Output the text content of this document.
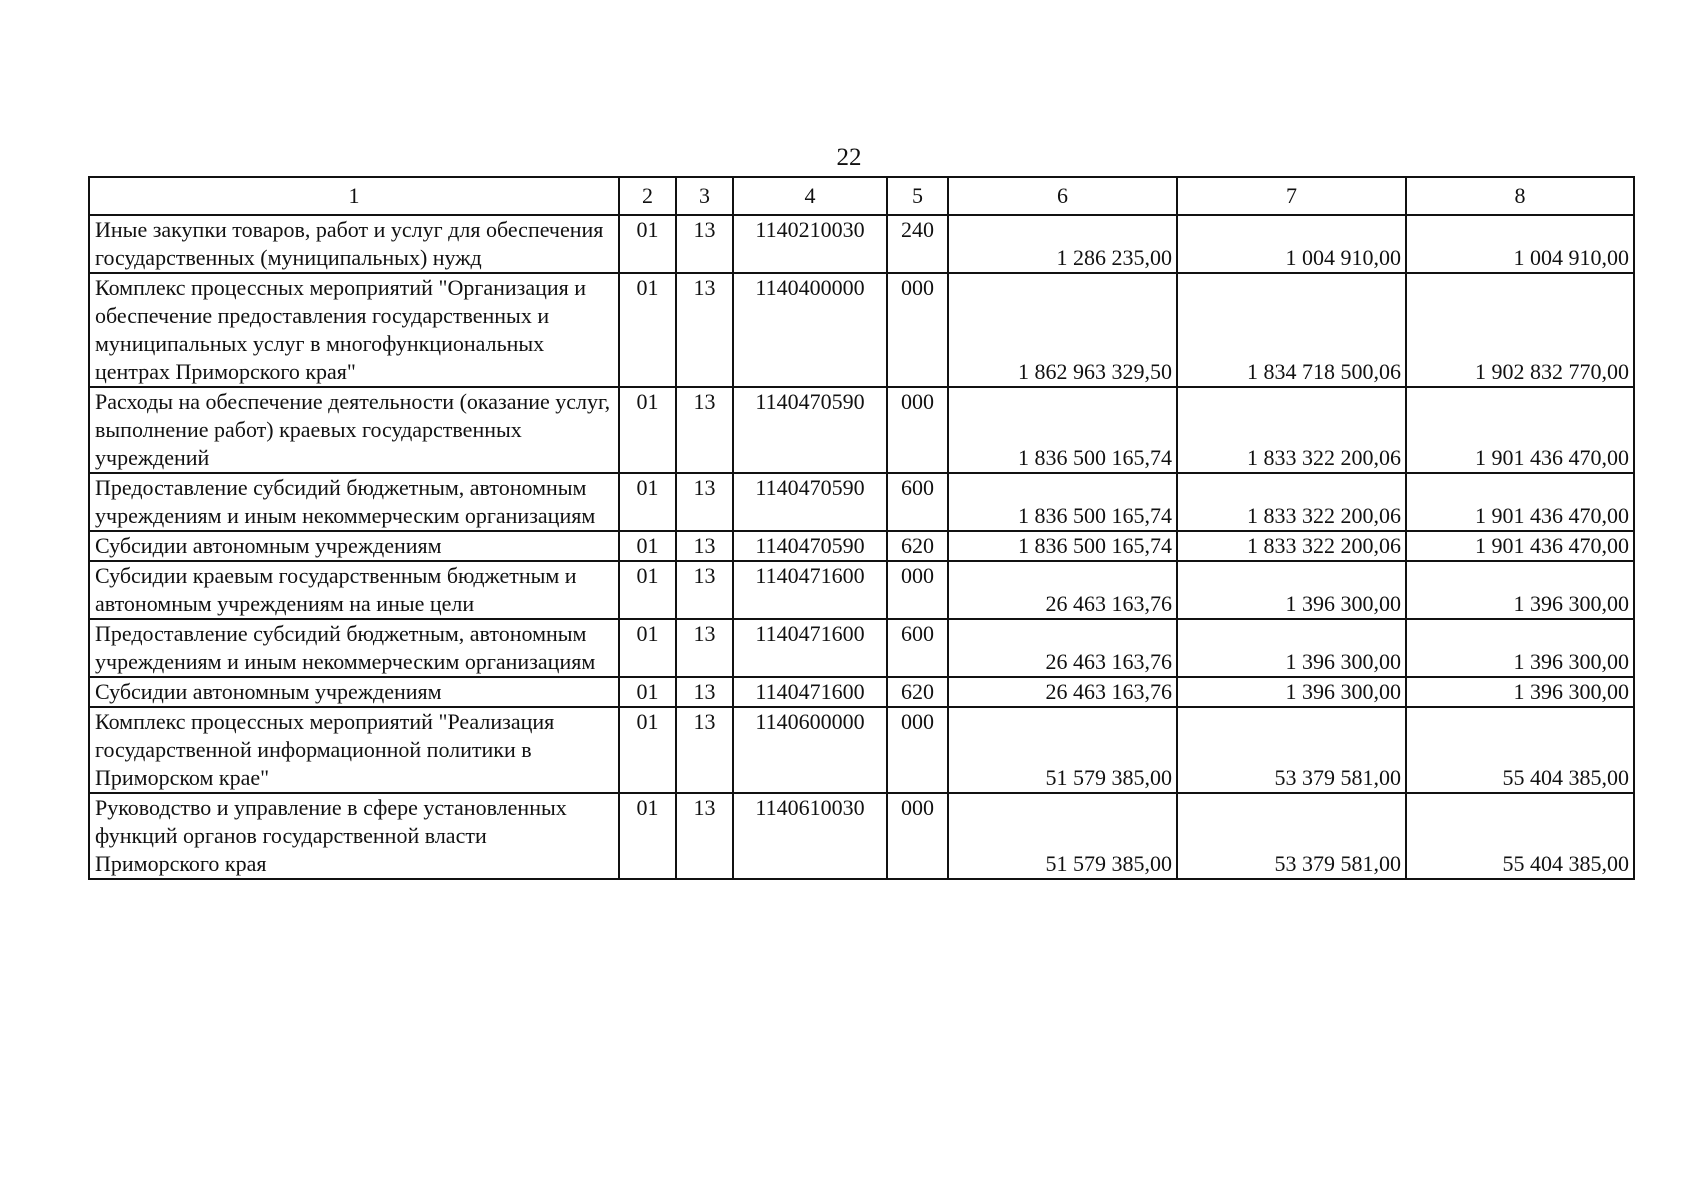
22
1	2	3	4	5	6	7	8
Иные закупки товаров, работ и услуг для обеспечения государственных (муниципальных) нужд	01	13	1140210030	240	1 286 235,00	1 004 910,00	1 004 910,00
Комплекс процессных мероприятий "Организация и обеспечение предоставления государственных и муниципальных услуг в многофункциональных центрах Приморского края"	01	13	1140400000	000	1 862 963 329,50	1 834 718 500,06	1 902 832 770,00
Расходы на обеспечение деятельности (оказание услуг, выполнение работ) краевых государственных учреждений	01	13	1140470590	000	1 836 500 165,74	1 833 322 200,06	1 901 436 470,00
Предоставление субсидий бюджетным, автономным учреждениям и иным некоммерческим организациям	01	13	1140470590	600	1 836 500 165,74	1 833 322 200,06	1 901 436 470,00
Субсидии автономным учреждениям	01	13	1140470590	620	1 836 500 165,74	1 833 322 200,06	1 901 436 470,00
Субсидии краевым государственным бюджетным и автономным учреждениям на иные цели	01	13	1140471600	000	26 463 163,76	1 396 300,00	1 396 300,00
Предоставление субсидий бюджетным, автономным учреждениям и иным некоммерческим организациям	01	13	1140471600	600	26 463 163,76	1 396 300,00	1 396 300,00
Субсидии автономным учреждениям	01	13	1140471600	620	26 463 163,76	1 396 300,00	1 396 300,00
Комплекс процессных мероприятий "Реализация государственной информационной политики в Приморском крае"	01	13	1140600000	000	51 579 385,00	53 379 581,00	55 404 385,00
Руководство и управление в сфере установленных функций органов государственной власти Приморского края	01	13	1140610030	000	51 579 385,00	53 379 581,00	55 404 385,00
